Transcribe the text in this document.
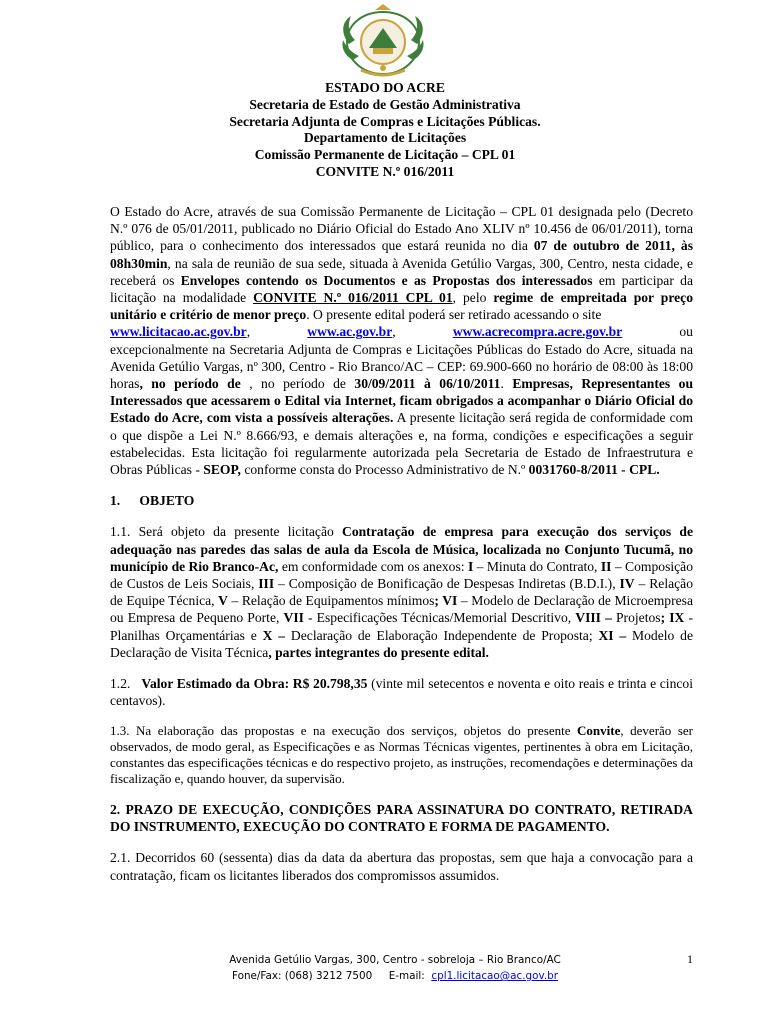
ESTADO DO ACRE
Secretaria de Estado de Gestão Administrativa
Secretaria Adjunta de Compras e Licitações Públicas.
Departamento de Licitações
Comissão Permanente de Licitação – CPL 01
CONVITE N.º 016/2011

O Estado do Acre, através de sua Comissão Permanente de Licitação – CPL 01 designada pelo (Decreto N.º 076 de 05/01/2011, publicado no Diário Oficial do Estado Ano XLIV nº 10.456 de 06/01/2011), torna público, para o conhecimento dos interessados que estará reunida no dia 07 de outubro de 2011, às 08h30min, na sala de reunião de sua sede, situada à Avenida Getúlio Vargas, 300, Centro, nesta cidade, e receberá os Envelopes contendo os Documentos e as Propostas dos interessados em participar da licitação na modalidade CONVITE N.º 016/2011 CPL 01, pelo regime de empreitada por preço unitário e critério de menor preço. O presente edital poderá ser retirado acessando o site

www.licitacao.ac.gov.br,	www.ac.gov.br,	www.acrecompra.acre.gov.br	ou

excepcionalmente na Secretaria Adjunta de Compras e Licitações Públicas do Estado do Acre, situada na Avenida Getúlio Vargas, nº 300, Centro - Rio Branco/AC – CEP: 69.900-660 no horário de 08:00 às 18:00 horas, no período de , no período de 30/09/2011 à 06/10/2011. Empresas, Representantes ou Interessados que acessarem o Edital via Internet, ficam obrigados a acompanhar o Diário Oficial do Estado do Acre, com vista a possíveis alterações. A presente licitação será regida de conformidade com o que dispõe a Lei N.º 8.666/93, e demais alterações e, na forma, condições e especificações a seguir estabelecidas. Esta licitação foi regularmente autorizada pela Secretaria de Estado de Infraestrutura e Obras Públicas - SEOP, conforme consta do Processo Administrativo de N.º 0031760-8/2011 - CPL.

1. OBJETO

1.1. Será objeto da presente licitação Contratação de empresa para execução dos serviços de adequação nas paredes das salas de aula da Escola de Música, localizada no Conjunto Tucumã, no município de Rio Branco-Ac, em conformidade com os anexos: I – Minuta do Contrato, II – Composição de Custos de Leis Sociais, III – Composição de Bonificação de Despesas Indiretas (B.D.I.), IV – Relação de Equipe Técnica, V – Relação de Equipamentos mínimos; VI – Modelo de Declaração de Microempresa ou Empresa de Pequeno Porte, VII - Especificações Técnicas/Memorial Descritivo, VIII – Projetos; IX - Planilhas Orçamentárias e X – Declaração de Elaboração Independente de Proposta; XI – Modelo de Declaração de Visita Técnica, partes integrantes do presente edital.

1.2. Valor Estimado da Obra: R$ 20.798,35 (vinte mil setecentos e noventa e oito reais e trinta e cincoi centavos).

1.3. Na elaboração das propostas e na execução dos serviços, objetos do presente Convite, deverão ser observados, de modo geral, as Especificações e as Normas Técnicas vigentes, pertinentes à obra em Licitação, constantes das especificações técnicas e do respectivo projeto, as instruções, recomendações e determinações da fiscalização e, quando houver, da supervisão.

2. PRAZO DE EXECUÇÃO, CONDIÇÕES PARA ASSINATURA DO CONTRATO, RETIRADA DO INSTRUMENTO, EXECUÇÃO DO CONTRATO E FORMA DE PAGAMENTO.

2.1. Decorridos 60 (sessenta) dias da data da abertura das propostas, sem que haja a convocação para a contratação, ficam os licitantes liberados dos compromissos assumidos.

Avenida Getúlio Vargas, 300, Centro - sobreloja – Rio Branco/AC
Fone/Fax: (068) 3212 7500 E-mail: cpl1.licitacao@ac.gov.br
1
